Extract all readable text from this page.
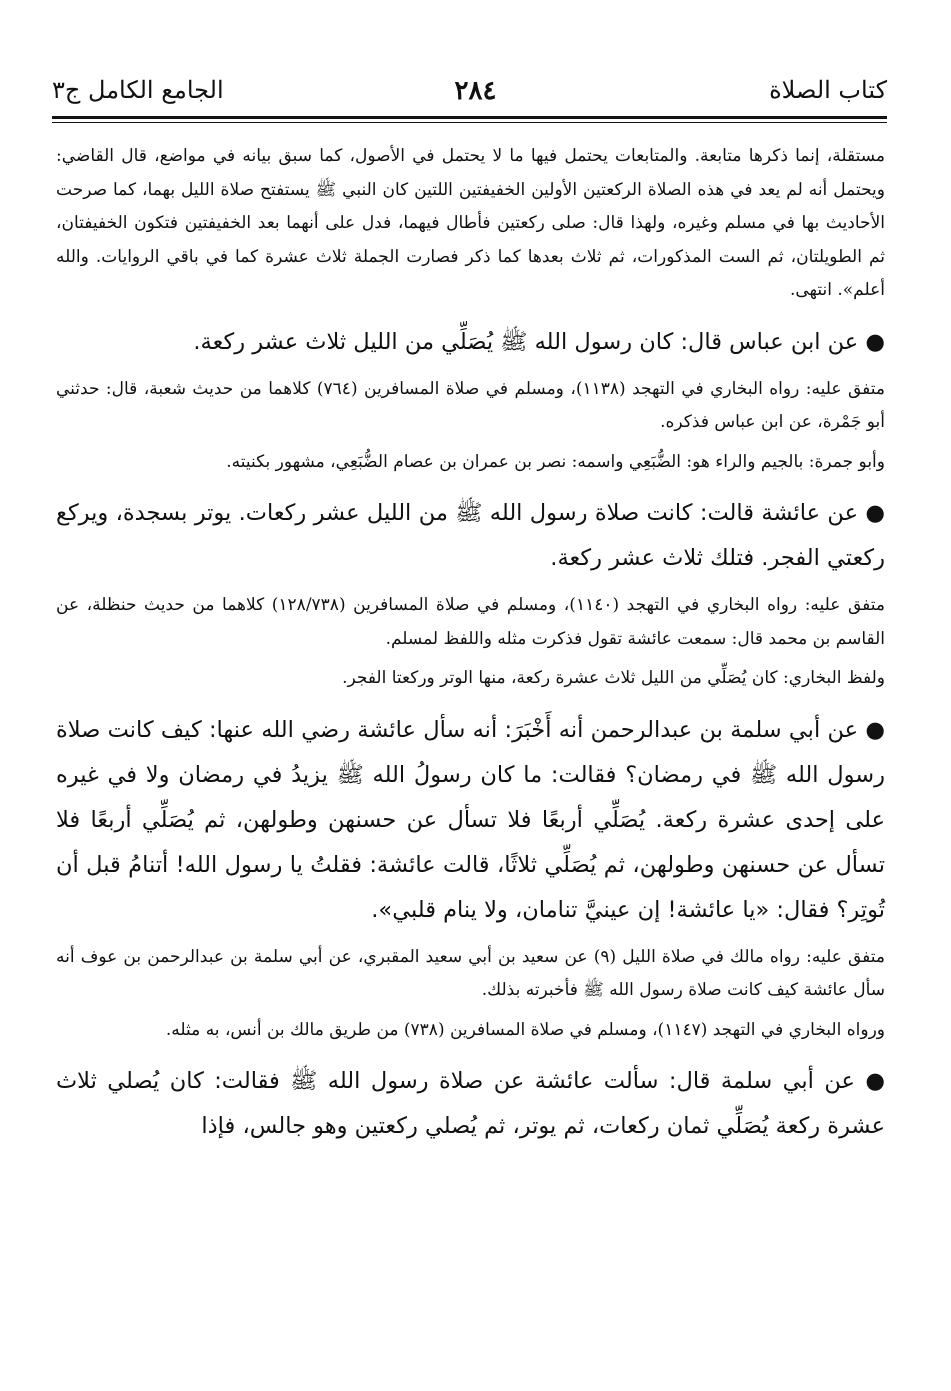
كتاب الصلاة
٢٨٤
الجامع الكامل ج٣

مستقلة، إنما ذكرها متابعة. والمتابعات يحتمل فيها ما لا يحتمل في الأصول، كما سبق بيانه في مواضع، قال القاضي: ويحتمل أنه لم يعد في هذه الصلاة الركعتين الأولين الخفيفتين اللتين كان النبي ﷺ يستفتح صلاة الليل بهما، كما صرحت الأحاديث بها في مسلم وغيره، ولهذا قال: صلى ركعتين فأطال فيهما، فدل على أنهما بعد الخفيفتين فتكون الخفيفتان، ثم الطويلتان، ثم الست المذكورات، ثم ثلاث بعدها كما ذكر فصارت الجملة ثلاث عشرة كما في باقي الروايات. والله أعلم». انتهى.

● عن ابن عباس قال: كان رسول الله ﷺ يُصَلِّي من الليل ثلاث عشر ركعة.

متفق عليه: رواه البخاري في التهجد (١١٣٨)، ومسلم في صلاة المسافرين (٧٦٤) كلاهما من حديث شعبة، قال: حدثني أبو جَمْرة، عن ابن عباس فذكره.

وأبو جمرة: بالجيم والراء هو: الضُّبَعِي واسمه: نصر بن عمران بن عصام الضُّبَعِي، مشهور بكنيته.

● عن عائشة قالت: كانت صلاة رسول الله ﷺ من الليل عشر ركعات. يوتر بسجدة، ويركع ركعتي الفجر. فتلك ثلاث عشر ركعة.

متفق عليه: رواه البخاري في التهجد (١١٤٠)، ومسلم في صلاة المسافرين (١٢٨/٧٣٨) كلاهما من حديث حنظلة، عن القاسم بن محمد قال: سمعت عائشة تقول فذكرت مثله واللفظ لمسلم.

ولفظ البخاري: كان يُصَلِّي من الليل ثلاث عشرة ركعة، منها الوتر وركعتا الفجر.

● عن أبي سلمة بن عبدالرحمن أنه أَخْبَرَ: أنه سأل عائشة رضي الله عنها: كيف كانت صلاة رسول الله ﷺ في رمضان؟ فقالت: ما كان رسولُ الله ﷺ يزيدُ في رمضان ولا في غيره على إحدى عشرة ركعة. يُصَلِّي أربعًا فلا تسأل عن حسنهن وطولهن، ثم يُصَلِّي أربعًا فلا تسأل عن حسنهن وطولهن، ثم يُصَلِّي ثلاثًا، قالت عائشة: فقلتُ يا رسول الله! أتنامُ قبل أن تُوتِر؟ فقال: «يا عائشة! إن عينيَّ تنامان، ولا ينام قلبي».

متفق عليه: رواه مالك في صلاة الليل (٩) عن سعيد بن أبي سعيد المقبري، عن أبي سلمة بن عبدالرحمن بن عوف أنه سأل عائشة كيف كانت صلاة رسول الله ﷺ فأخبرته بذلك.

ورواه البخاري في التهجد (١١٤٧)، ومسلم في صلاة المسافرين (٧٣٨) من طريق مالك بن أنس، به مثله.

● عن أبي سلمة قال: سألت عائشة عن صلاة رسول الله ﷺ فقالت: كان يُصلي ثلاث عشرة ركعة يُصَلِّي ثمان ركعات، ثم يوتر، ثم يُصلي ركعتين وهو جالس، فإذا
